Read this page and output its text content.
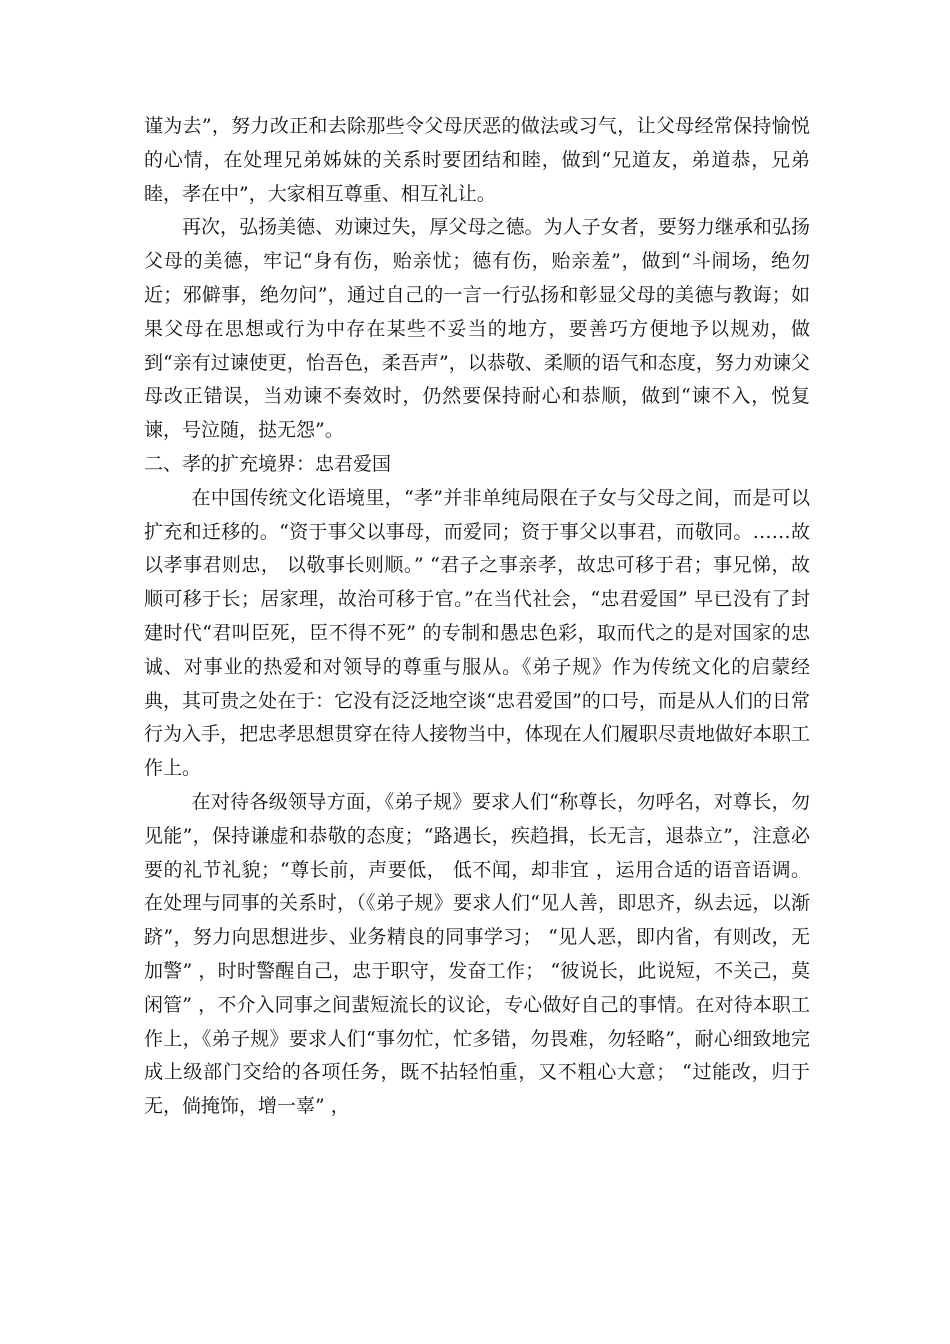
谨为去”，努力改正和去除那些令父母厌恶的做法或习气，让父母经常保持愉悦的心情，在处理兄弟姊妹的关系时要团结和睦，做到“兄道友，弟道恭，兄弟睦，孝在中”，大家相互尊重、相互礼让。

再次，弘扬美德、劝谏过失，厚父母之德。为人子女者，要努力继承和弘扬父母的美德，牢记“身有伤，贻亲忧；德有伤，贻亲羞”，做到“斗闹场，绝勿近；邪僻事，绝勿问”，通过自己的一言一行弘扬和彰显父母的美德与教诲；如果父母在思想或行为中存在某些不妥当的地方，要善巧方便地予以规劝，做到“亲有过谏使更，怡吾色，柔吾声”，以恭敬、柔顺的语气和态度，努力劝谏父母改正错误，当劝谏不奏效时，仍然要保持耐心和恭顺，做到“谏不入，悦复谏，号泣随，挞无怨”。

二、孝的扩充境界：忠君爱国

在中国传统文化语境里，“孝”并非单纯局限在子女与父母之间，而是可以扩充和迁移的。“资于事父以事母，而爱同；资于事父以事君，而敬同。……故以孝事君则忠， 以敬事长则顺。” “君子之事亲孝，故忠可移于君；事兄悌，故顺可移于长；居家理，故治可移于官。”在当代社会，“忠君爱国” 早已没有了封建时代“君叫臣死，臣不得不死” 的专制和愚忠色彩，取而代之的是对国家的忠诚、对事业的热爱和对领导的尊重与服从。《弟子规》作为传统文化的启蒙经典，其可贵之处在于：它没有泛泛地空谈“忠君爱国”的口号，而是从人们的日常行为入手，把忠孝思想贯穿在待人接物当中，体现在人们履职尽责地做好本职工作上。

在对待各级领导方面，《弟子规》要求人们“称尊长，勿呼名，对尊长，勿见能”，保持谦虚和恭敬的态度；“路遇长，疾趋揖，长无言，退恭立”，注意必要的礼节礼貌；“尊长前，声要低， 低不闻，却非宜 ，运用合适的语音语调。在处理与同事的关系时，（《弟子规》要求人们“见人善，即思齐，纵去远，以渐跻”，努力向思想进步、业务精良的同事学习； “见人恶，即内省，有则改，无加警” ，时时警醒自己，忠于职守，发奋工作； “彼说长，此说短，不关己，莫闲管” ，不介入同事之间蜚短流长的议论，专心做好自己的事情。在对待本职工作上，《弟子规》要求人们“事勿忙，忙多错，勿畏难，勿轻略”，耐心细致地完成上级部门交给的各项任务，既不拈轻怕重，又不粗心大意； “过能改，归于无，倘掩饰，增一辜” ，
